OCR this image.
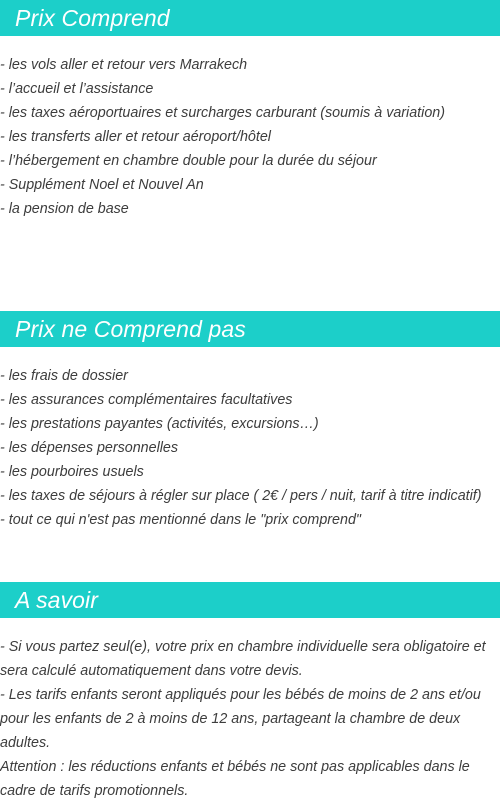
Prix Comprend
- les vols aller et retour vers Marrakech
- l’accueil et l’assistance
- les taxes aéroportuaires et surcharges carburant (soumis à variation)
- les transferts aller et retour aéroport/hôtel
- l’hébergement en chambre double pour la durée du séjour
- Supplément Noel et Nouvel An
- la pension de base
Prix ne Comprend pas
- les frais de dossier
- les assurances complémentaires facultatives
- les prestations payantes (activités, excursions…)
- les dépenses personnelles
- les pourboires usuels
- les taxes de séjours à régler sur place ( 2€ / pers / nuit, tarif à titre indicatif)
- tout ce qui n'est pas mentionné dans le "prix comprend"
A savoir

- Si vous partez seul(e), votre prix en chambre individuelle sera obligatoire et sera calculé automatiquement dans votre devis.

- Les tarifs enfants seront appliqués pour les bébés de moins de 2 ans et/ou pour les enfants de 2 à moins de 12 ans, partageant la chambre de deux adultes.

Attention : les réductions enfants et bébés ne sont pas applicables dans le cadre de tarifs promotionnels.
